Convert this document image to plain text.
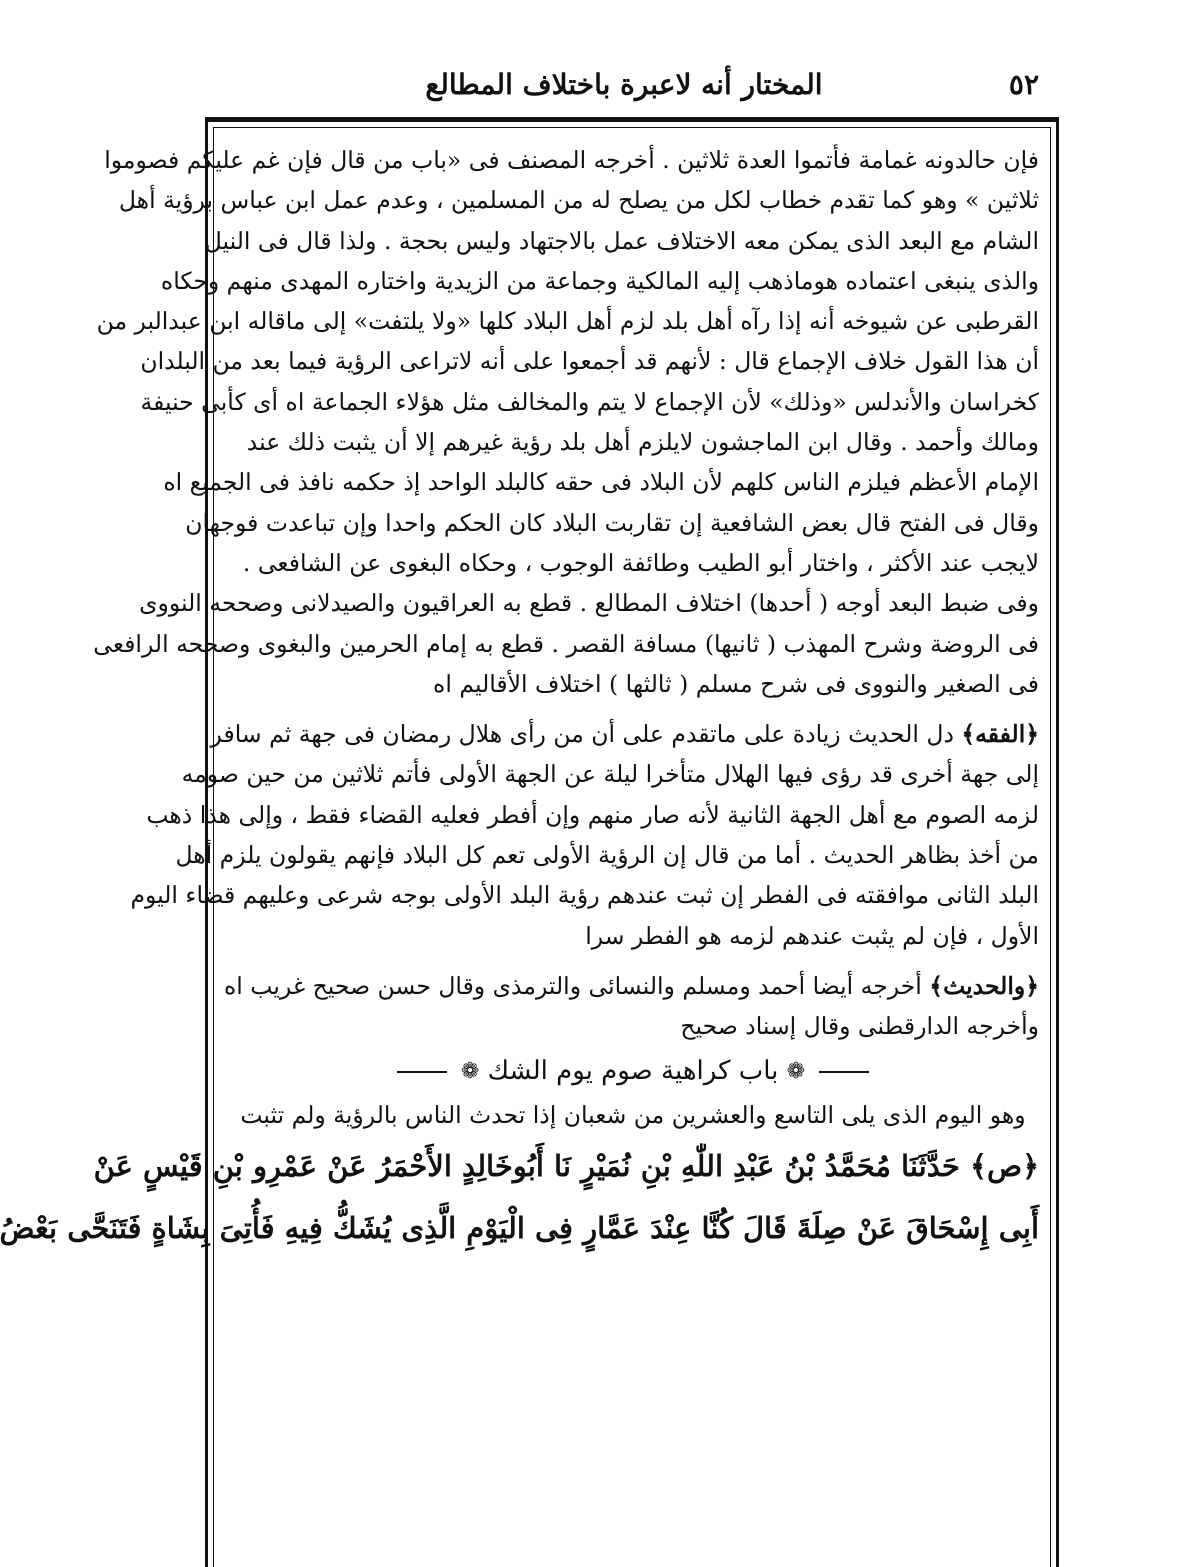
٥٢
المختار أنه لاعبرة باختلاف المطالع
فإن حالدونه غمامة فأتموا العدة ثلاثين . أخرجه المصنف فى «باب من قال فإن غم عليكم فصوموا
ثلاثين » وهو كما تقدم خطاب لكل من يصلح له من المسلمين ، وعدم عمل ابن عباس برؤية أهل
الشام مع البعد الذى يمكن معه الاختلاف عمل بالاجتهاد وليس بحجة . ولذا قال فى النيل
والذى ينبغى اعتماده هوماذهب إليه المالكية وجماعة من الزيدية واختاره المهدى منهم وحكاه
القرطبى عن شيوخه أنه إذا رآه أهل بلد لزم أهل البلاد كلها «ولا يلتفت» إلى ماقاله ابن عبدالبر من
أن هذا القول خلاف الإجماع قال : لأنهم قد أجمعوا على أنه لاتراعى الرؤية فيما بعد من البلدان
كخراسان والأندلس «وذلك» لأن الإجماع لا يتم والمخالف مثل هؤلاء الجماعة اه أى كأبى حنيفة
ومالك وأحمد . وقال ابن الماجشون لايلزم أهل بلد رؤية غيرهم إلا أن يثبت ذلك عند
الإمام الأعظم فيلزم الناس كلهم لأن البلاد فى حقه كالبلد الواحد إذ حكمه نافذ فى الجميع اه
وقال فى الفتح قال بعض الشافعية إن تقاربت البلاد كان الحكم واحدا وإن تباعدت فوجهان
لايجب عند الأكثر ، واختار أبو الطيب وطائفة الوجوب ، وحكاه البغوى عن الشافعى .
وفى ضبط البعد أوجه ( أحدها) اختلاف المطالع . قطع به العراقيون والصيدلانى وصححه النووى
فى الروضة وشرح المهذب ( ثانيها) مسافة القصر . قطع به إمام الحرمين والبغوى وصححه الرافعى
فى الصغير والنووى فى شرح مسلم ( ثالثها ) اختلاف الأقاليم اه
﴿الفقه﴾ دل الحديث زيادة على ماتقدم على أن من رأى هلال رمضان فى جهة ثم سافر
إلى جهة أخرى قد رؤى فيها الهلال متأخرا ليلة عن الجهة الأولى فأتم ثلاثين من حين صومه
لزمه الصوم مع أهل الجهة الثانية لأنه صار منهم وإن أفطر فعليه القضاء فقط ، وإلى هذا ذهب
من أخذ بظاهر الحديث . أما من قال إن الرؤية الأولى تعم كل البلاد فإنهم يقولون يلزم أهل
البلد الثانى موافقته فى الفطر إن ثبت عندهم رؤية البلد الأولى بوجه شرعى وعليهم قضاء اليوم
الأول ، فإن لم يثبت عندهم لزمه هو الفطر سرا
﴿والحديث﴾ أخرجه أيضا أحمد ومسلم والنسائى والترمذى وقال حسن صحيح غريب اه
وأخرجه الدارقطنى وقال إسناد صحيح
❁ باب كراهية صوم يوم الشك ❁
وهو اليوم الذى يلى التاسع والعشرين من شعبان إذا تحدث الناس بالرؤية ولم تثبت
﴿ص﴾ حَدَّثَنَا مُحَمَّدُ بْنُ عَبْدِ اللّٰهِ بْنِ نُمَيْرٍ نَا أَبُوخَالِدٍ الأَحْمَرُ عَنْ عَمْرِو بْنِ قَيْسٍ عَنْ
أَبِى إِسْحَاقَ عَنْ صِلَةَ قَالَ كُنَّا عِنْدَ عَمَّارٍ فِى الْيَوْمِ الَّذِى يُشَكُّ فِيهِ فَأُتِىَ بِشَاةٍ فَتَنَحَّى بَعْضُ
